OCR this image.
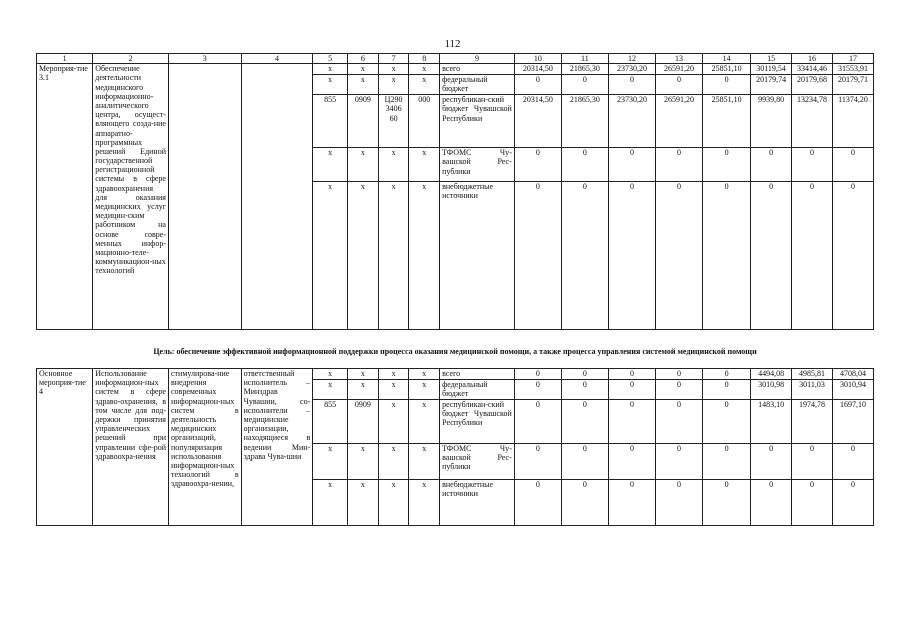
112
1	2	3	4	5	6	7	8	9	10	11	12	13	14	15	16	17
Мероприя-тие 3.1	Обеспечение деятельности медицинского информационно-аналитического центра, осущест-вляющего созда-ние аппаратно-программных решений Единой государственной регистрационной системы в сфере здравоохранения для оказания медицинских услуг медицин-ским работником на основе совре-менных инфор-мационно-теле-коммуникацион-ных технологий			x	x	x	x	всего	20314,50	21865,30	23730,20	26591,20	25851,10	30119,54	33414,46	31553,91
				x	x	x	x	федеральный бюджет	0	0	0	0	0	20179,74	20179,68	20179,71
				855	0909	Ц290 3406 60	000	республикан-ский бюджет Чувашской Республики	20314,50	21865,30	23730,20	26591,20	25851,10	9939,80	13234,78	11374,20
				x	x	x	x	ТФОМС Чу-вашской Рес-публики	0	0	0	0	0	0	0	0
				x	x	x	x	внебюджетные источники	0	0	0	0	0	0	0	0
Цель: обеспечение эффективной информационной поддержки процесса оказания медицинской помощи, а также процесса управления системой медицинской помощи
Основное мероприя-тие 4	Использование информацион-ных систем в сфере здраво-охранения, в том числе для под-держки принятия управленческих решений при управлении сфе-рой здравоохра-нения	стимулирова-ние внедрения современных информацион-ных систем в деятельность медицинских организаций, популяризация использования информацион-ных технологий в здравоохра-нении,	ответственный исполнитель – Минздрав Чувашии, со-исполнители – медицинские организации, находящиеся в ведении Мин-здрава Чува-шии	x	x	x	x	всего	0	0	0	0	0	4494,08	4985,81	4708,04
				x	x	x	x	федеральный бюджет	0	0	0	0	0	3010,98	3011,03	3010,94
				855	0909	x	x	республикан-ский бюджет Чувашской Республики	0	0	0	0	0	1483,10	1974,78	1697,10
				x	x	x	x	ТФОМС Чу-вашской Рес-публики	0	0	0	0	0	0	0	0
				x	x	x	x	внебюджетные источники	0	0	0	0	0	0	0	0
